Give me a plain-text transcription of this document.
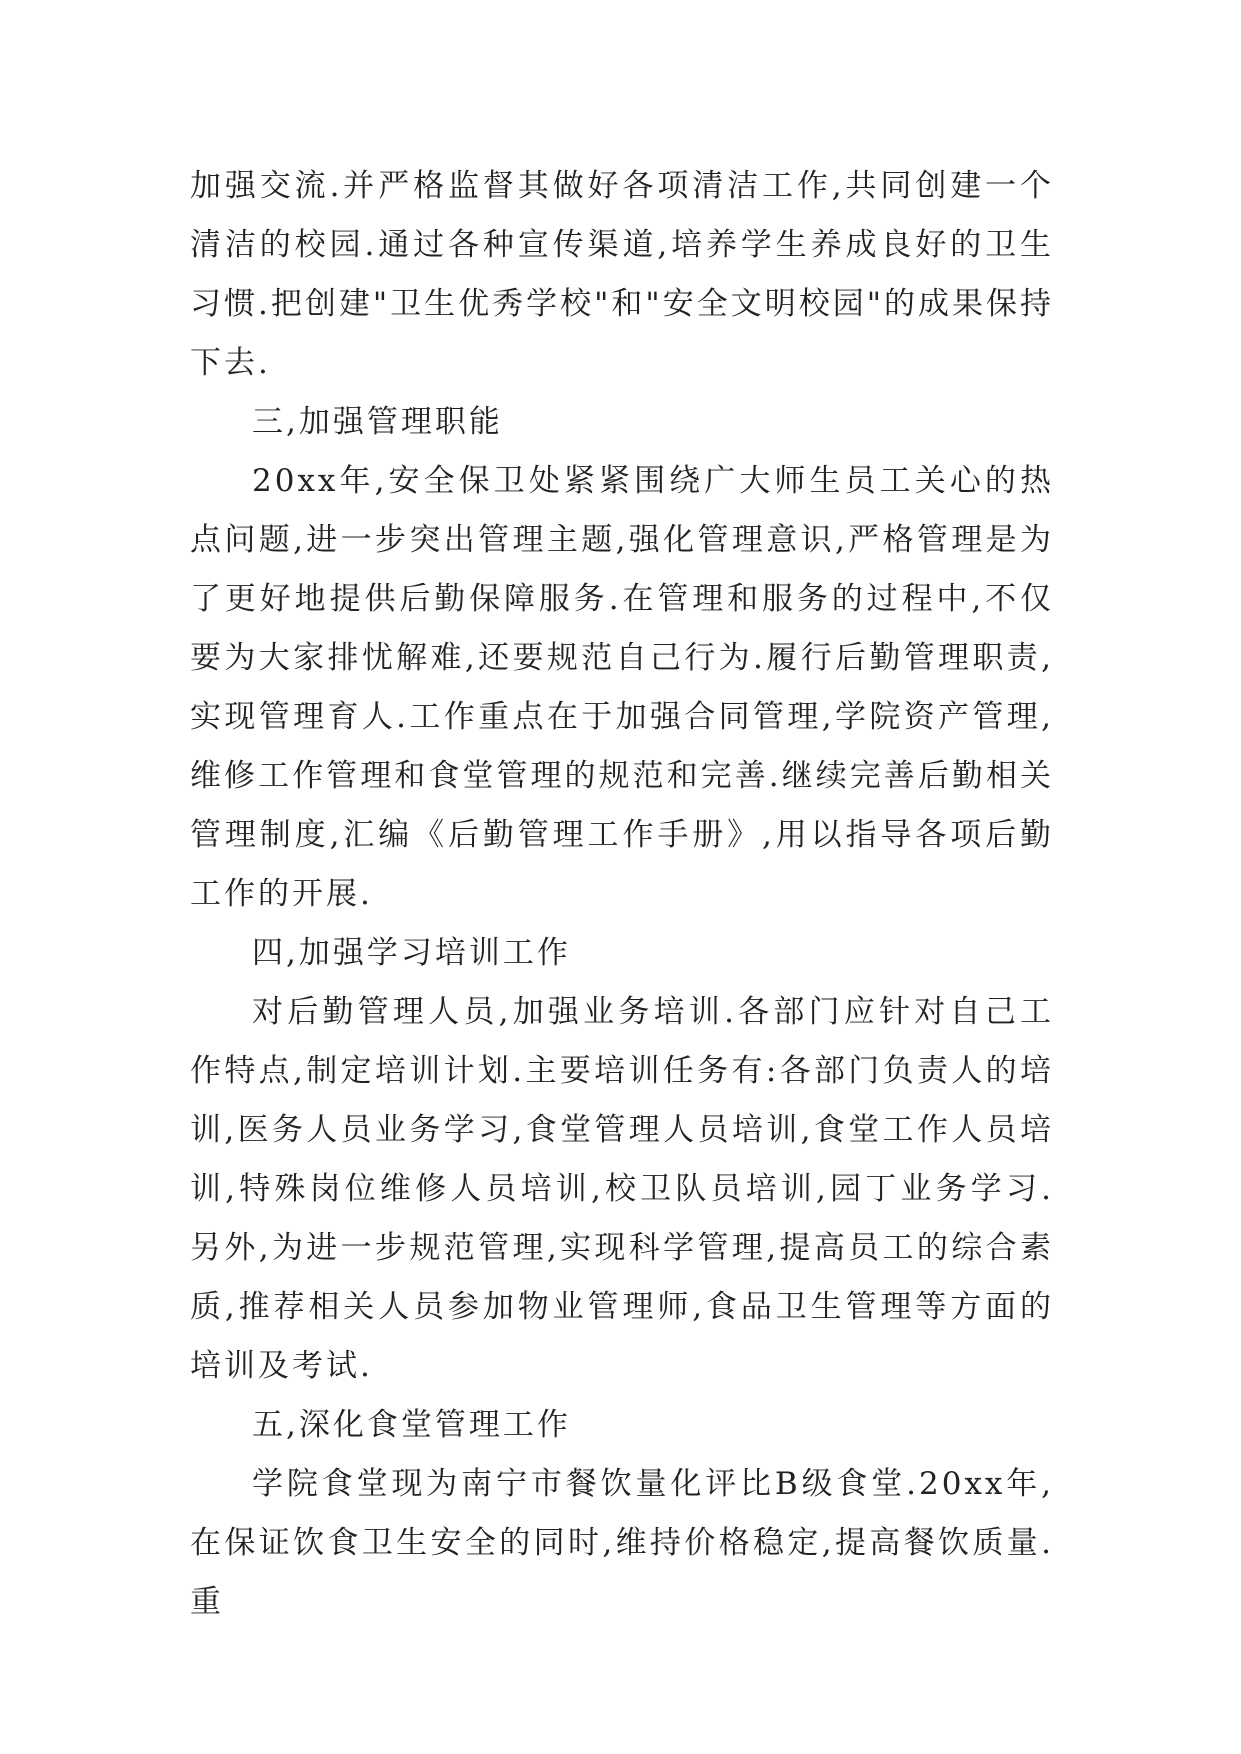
加强交流.并严格监督其做好各项清洁工作,共同创建一个清洁的校园.通过各种宣传渠道,培养学生养成良好的卫生习惯.把创建"卫生优秀学校"和"安全文明校园"的成果保持下去.

三,加强管理职能

20xx年,安全保卫处紧紧围绕广大师生员工关心的热点问题,进一步突出管理主题,强化管理意识,严格管理是为了更好地提供后勤保障服务.在管理和服务的过程中,不仅要为大家排忧解难,还要规范自己行为.履行后勤管理职责,实现管理育人.工作重点在于加强合同管理,学院资产管理,维修工作管理和食堂管理的规范和完善.继续完善后勤相关管理制度,汇编《后勤管理工作手册》,用以指导各项后勤工作的开展.

四,加强学习培训工作

对后勤管理人员,加强业务培训.各部门应针对自己工作特点,制定培训计划.主要培训任务有:各部门负责人的培训,医务人员业务学习,食堂管理人员培训,食堂工作人员培训,特殊岗位维修人员培训,校卫队员培训,园丁业务学习.另外,为进一步规范管理,实现科学管理,提高员工的综合素质,推荐相关人员参加物业管理师,食品卫生管理等方面的培训及考试.

五,深化食堂管理工作

学院食堂现为南宁市餐饮量化评比B级食堂.20xx年,在保证饮食卫生安全的同时,维持价格稳定,提高餐饮质量.重
